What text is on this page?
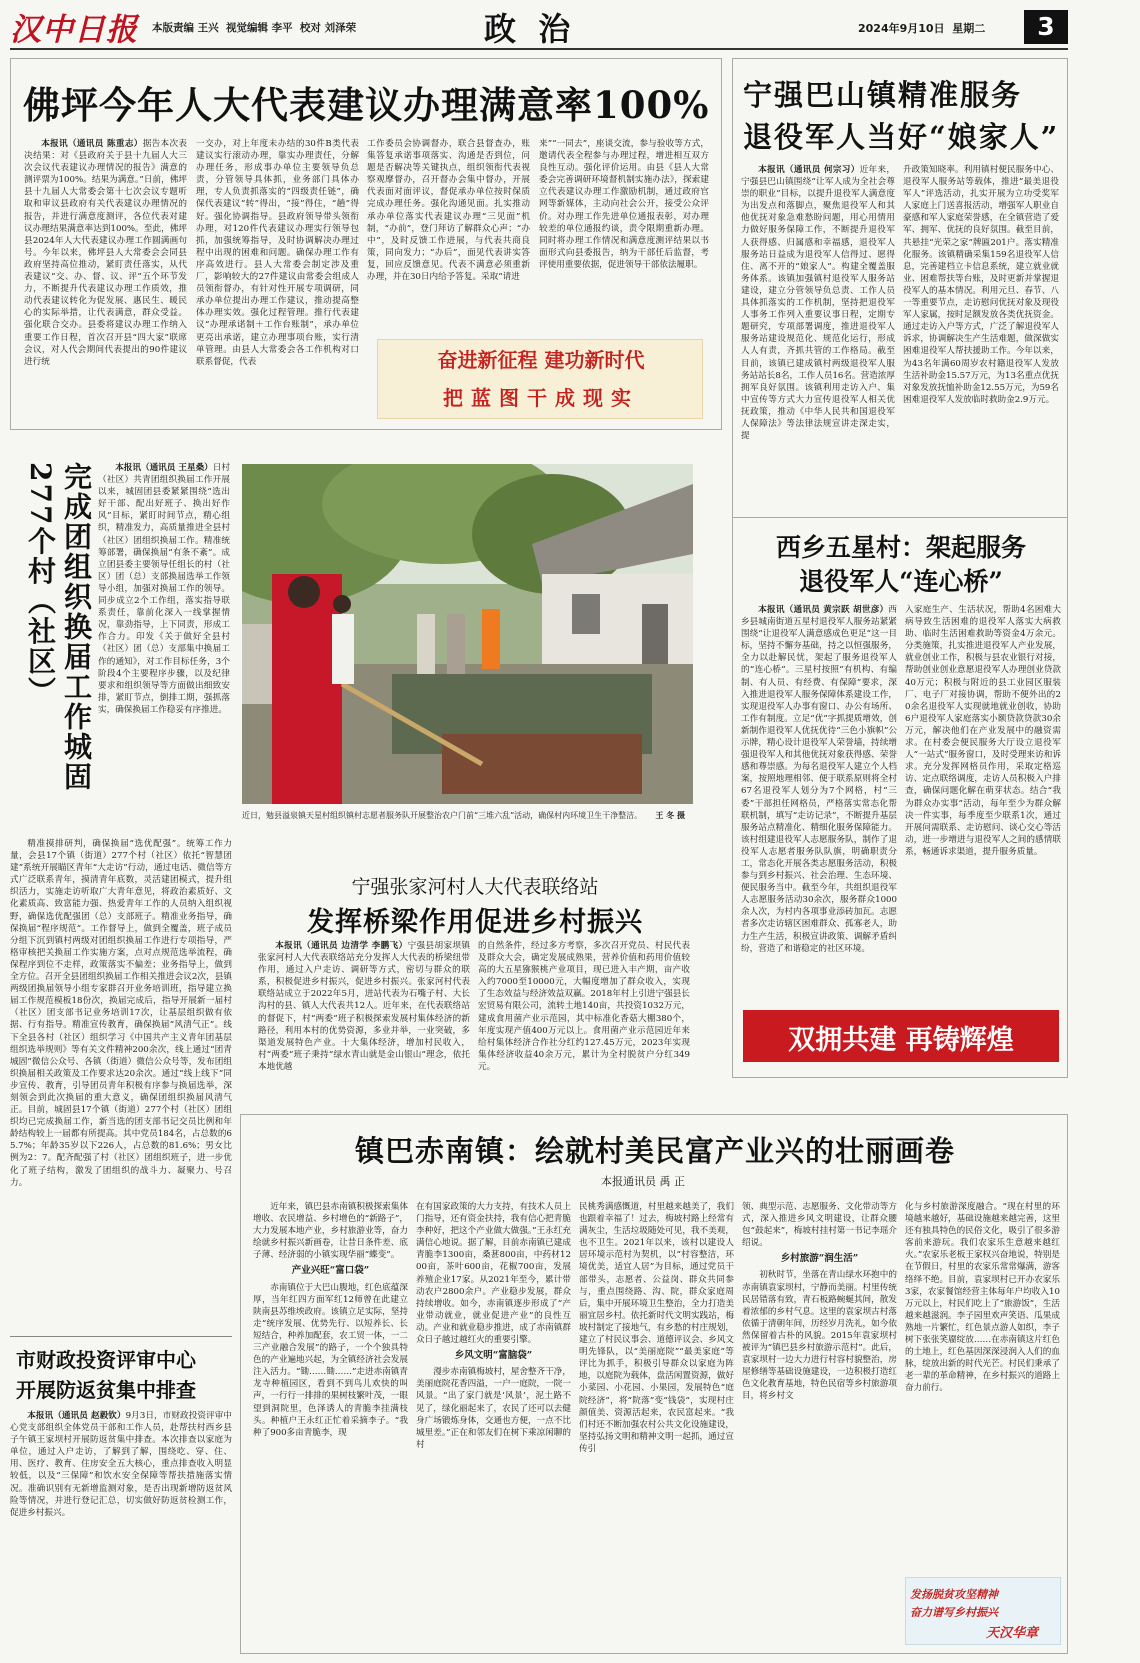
汉中日报 本版责编 王兴  视觉编辑 李平  校对 刘泽荣	政  治	2024年9月10日  星期二	3
佛坪今年人大代表建议办理满意率100%

本报讯（通讯员 陈重志）据告本次表决结果：对《县政府关于县十九届人大三次会议代表建议办理情况的报告》满意的测评票为100%。结果为满意。”日前，佛坪县十九届人大常委会第十七次会议专题听取和审议县政府有关代表建议办理情况的报告，并进行满意度测评，各位代表对建议办理结果满意率达到100%。至此，佛坪县2024年人大代表建议办理工作圆满画句号。今年以来，佛坪县人大常委会会同县政府坚持高位推动，紧盯责任落实，从代表建议“交、办、督、议、评”五个环节发力，不断提升代表建议办理工作质效，推动代表建议转化为促发展、惠民生、暖民心的实际举措，让代表满意，群众受益。强化联合交办。县委将建议办理工作纳入重要工作日程，首次召开县“四大家”联席会议，对人代会期间代表提出的90件建议进行统

一交办，对上年度未办结的30件B类代表建议实行滚动办理，靠实办理责任，分解办理任务，形成事办单位主要领导负总责，分管领导具体抓，业务部门具体办理，专人负责抓落实的“四级责任链”，确保代表建议“转”得出，“接”得住，“趟”得好。强化协调指导。县政府领导带头领衔办理，对120件代表建议办理实行领导包抓，加强统筹指导，及时协调解决办理过程中出现的困难和问题。确保办理工作有序高效进行。县人大常委会制定涉及重厂，影响较大的27件建议由常委会组成人员领衔督办，有针对性开展专项调研，同承办单位提出办理工作建议，推动提高整体办理实效。强化过程管理。推行代表建议“办理承诺制＋工作台账制”，承办单位更亮出承诺，建立办理事项台账，实行清单管理。由县人大常委会各工作机构对口联系督促，代表

工作委员会协调督办，联合县督查办，账集答复承诺事项落实、沟通是否到位，问题是否解决等关键执点，组织领衔代表视察观摩督办，召开督办会集中督办，开展代表面对面评议，督促承办单位按时保质完成办理任务。强化沟通见面。扎实推动承办单位落实代表建议办理“三见面”机制，“办前”，登门拜访了解群众心声；“办中”，及时反馈工作进展，与代表共商良策，同向发力；“办后”，面见代表讲实答复，回应反馈意见。代表不满意必须重新办理，并在30日内给予答复。采取“请进

来”“一同去”，座谈交流，参与验收等方式，邀请代表全程参与办理过程，增进相互双方良性互动。强化评价运用。由县《县人大常委会完善调研环境督机制实施办法》，探索建立代表建议办理工作激励机制，通过政府官网等新媒体，主动向社会公开，接受公众评价。对办理工作先进单位通报表彰，对办理较差的单位通报约谈，责令限期重新办理。同时将办理工作情况和满意度测评结果以书面形式向县委报告，纳为干部任后监督，考评使用重要依据，促进领导干部依法履职。

奋进新征程 建功新时代
把蓝图干成现实
宁强巴山镇精准服务
退役军人当好“娘家人”

本报讯（通讯员 何宗习）近年来，宁强县巴山镇围绕“让军人成为全社会尊崇的职业”目标，以提升退役军人满意度为出发点和落脚点，聚焦退役军人和其他优抚对象急难愁盼问题，用心用情用力做好服务保障工作，不断提升退役军人获得感、归属感和幸福感，退役军人服务站日益成为退役军人信得过、愿得住、离不开的“娘家人”。构建全覆盖服务体系。该镇加强镇村退役军人服务站建设，建立分管领导负总责、工作人员具体抓落实的工作机制，坚持把退役军人事务工作列入重要议事日程，定期专题研究，专项部署调度，推进退役军人服务站建设规范化、规范化运行，形成人人有责，齐抓共管的工作格局。截至目前，该镇已建成镇村两级退役军人服务站站长8名，工作人员16名。营造浓厚拥军良好氛围。该镇利用走访入户、集中宣传等方式大力宣传退役军人相关优抚政策，推动《中华人民共和国退役军人保障法》等法律法规宣讲走深走实，提

升政策知晓率。利用镇村便民服务中心、退役军人服务站等载体，推进“最美退役军人”评选活动，扎实开展为立功受奖军人家庭上门送喜报活动，增强军人职业自豪感和军人家庭荣誉感，在全镇营造了爱军、拥军、优抚的良好氛围。截至目前，共悬挂“光荣之家”牌匾201户。落实精准化服务。该镇精确采集159名退役军人信息，完善建档立卡信息系统，建立就业就业、困难帮扶等台账，及时更新并掌握退役军人的基本情况。利用元旦、春节、八一等重要节点，走访慰问优抚对象及现役军人家属，按时足额发放各类优抚资金。通过走访入户等方式，广泛了解退役军人诉求，协调解决生产生活难题，做深做实困难退役军人帮扶援助工作。今年以来，为43名年满60周岁农村籍退役军人发放生活补助金15.57万元，为13名重点优抚对象发放抚恤补助金12.55万元，为59名困难退役军人发放临时救助金2.9万元。

完成团组织换届工作城固277个村（社区）	本报讯（通讯员 王星桑）日村（社区）共青团组织换届工作开展以来，城固团县委紧紧围绕“选出好干部、配出好班子、换出好作风”目标，紧盯时间节点，精心组织，精准发力，高质量推进全县村（社区）团组织换届工作。精准统筹部署，确保换届“有条不紊”。成立团县委主要领导任组长的村（社区）团（总）支部换届选举工作领导小组，加强对换届工作的领导。同步成立2个工作组，落实指导联系责任，靠前化深入一线掌握情况，靠劲指导，上下同责，形成工作合力。印发《关于做好全县村（社区）团（总）支部集中换届工作的通知》，对工作目标任务，3个阶段4个主要程序步骤，以及纪律要求和组织领导等方面做出细致安排，紧盯节点，倒排工期，强抓落实，确保换届工作稳妥有序推进。

精准摸排研判，确保换届“选优配强”。统筹工作力量，会县17个镇（街道）277个村（社区）依托“智慧团建”系统开展瞄区青年“大走访”行动，通过电话、微信等方式广泛联系青年，摸清青年底数，灵活建团模式，提升组织活力，实施走访听取广大青年意见，将政治素质好、文化素质高、致富能力强、热爱青年工作的人员纳入组织视野，确保选优配强团（总）支部班子。精准业务指导，确保换届“程序规范”。工作督导上，做到全覆盖，班子成员分组下沉到镇村两级对团组织换届工作进行专项指导，严格审核把关换届工作实施方案，点对点规范选举流程，确保程序到位不走样，政策落实不偏差；业务指导上，做到全方位。召开全县团组织换届工作相关推进会议2次，县镇两级团换届领导小组专家群召开业务培训班，指导建立换届工作规范模板18份次，换届完成后，指导开展新一届村（社区）团支部书记业务培训17次，让基层组织做有依据、行有指导。精准宣传教育，确保换届“风清气正”。线下全县各村（社区）组织学习《中国共产主义青年团基层组织选举规则》等有关文件精神200余次，线上通过“团青城固”微信公众号、各镇（街道）微信公众号等，发布团组织换届相关政策及工作要求达20余次。通过“线上线下”同步宣传、教育，引导团员青年积极有序参与换届选举，深刻领会到此次换届的重大意义，确保团组织换届风清气正。目前，城固县17个镇（街道）277个村（社区）团组织均已完成换届工作，新当选的团支部书记交员比例和年龄结构较上一届都有所提高。其中党员184名，占总数的65.7%；年龄35岁以下226人，占总数的81.6%；男女比例为2：7。配齐配强了村（社区）团组织班子，进一步优化了班子结构，激发了团组织的战斗力、凝聚力、号召力。

近日，勉县溢泉镇天星村组织镇村志愿者服务队开展整治农户门前“三堆六乱”活动，确保村内环境卫生干净整洁。 王 冬 摄
宁强张家河村人大代表联络站
发挥桥梁作用促进乡村振兴

本报讯（通讯员 边清学 李鹏飞）宁强县胡家坝镇张家河村人大代表联络站充分发挥人大代表的桥梁纽带作用，通过入户走访、调研等方式，密切与群众的联系，积极促进乡村振兴，促进乡村振兴。张家河村代表联络站成立于2022年5月，进站代表为石嘴子村、大长沟村的县、镇人大代表共12人。近年来，在代表联络站的督促下，村“两委”班子积极探索发展村集体经济的新路径，利用本村的优势资源，多业并举，一业突破，多渠道发展特色产业。十大集体经济，增加村民收入，村“两委”班子秉持“绿水青山就是金山银山”理念，依托本地优越

的自然条件，经过多方考察，多次召开党员、村民代表及群众大会，确定发展成熟果，营养价值和药用价值较高的大五星猕猴桃产业项目，现已进入丰产期，亩产收入约7000至10000元，大幅度增加了群众收入，实现了生态效益与经济效益双赢。2018年村上引进宁强县长宏贸易有限公司，流转土地140亩，共投资1032万元，建成食用菌产业示范园，其中标准化香菇大棚380个，年度实现产值400万元以上。食用菌产业示范园近年来给村集体经济合作社分红约127.45万元，2023年实现集体经济收益40余万元，累计为全村脱贫户分红349元。

西乡五星村：架起服务
退役军人“连心桥”

本报讯（通讯员 黄宗跃 胡世彦）西乡县城南街道五星村退役军人服务站紧紧围绕“让退役军人满意感成色更足”这一目标，坚持不懈夯基础，持之以恒强服务，全力以赴解民忧，架起了服务退役军人的“连心桥”。三星村按照“有机构、有编制、有人员、有经费、有保障”要求，深入推进退役军人服务保障体系建设工作，实现退役军人办事有窗口、办公有场所、工作有制度。立足“优”字抓提质增效，创新制作退役军人优抚优待“三色小旗帜”公示牌，精心设计退役军人荣誉墙，持续增强退役军人和其他优抚对象获得感、荣誉感和尊崇感。为每名退役军人建立个人档案，按照地理相邻、便于联系原则将全村67名退役军人划分为7个网格，村“三委”干部担任网格员，严格落实常态化帮联机制，填写“走访记录”，不断提升基层服务站点精准化、精细化服务保障能力。该村组建退役军人志愿服务队，制作了退役军人志愿者服务队队旗，明确职责分工，常态化开展各类志愿服务活动，积极参与到乡村振兴、社会治理、生态环境、便民服务当中。截至今年，共组织退役军人志愿服务活动30余次，服务群众1000余人次，为村内各项事业添砖加瓦。志愿者多次走访辖区困难群众、孤寡老人，助力生产生活，积极宣讲政策、调解矛盾纠纷，营造了和谐稳定的社区环境。

入家庭生产、生活状况，帮助4名困难大病导致生活困难的退役军人落实大病救助、临时生活困难救助等资金4万余元。分类施策，扎实推进退役军人产业发展，就业创业工作，积极与县农业银行对接，帮助创业创业意愿退役军人办理创业贷款40万元；积极与附近的县工业园区服装厂、电子厂对接协调，帮助不便外出的20余名退役军人实现就地就业创收，协助6户退役军人家庭落实小额贷款贷款30余万元，解决他们在产业发展中的融资需求。在村委会便民服务大厅设立退役军人“一站式”服务窗口，及时受理来访和诉求。充分发挥网格员作用，采取定格巡访、定点联络调度，走访人员积极入户排查，确保问题化解在萌芽状态。结合“我为群众办实事”活动，每年至少为群众解决一件实事，每季度至少联系1次，通过开展问需联系、走访慰问、谈心交心等活动，进一步增进与退役军人之间的感情联系，畅通诉求渠道，提升服务质量。

双拥共建 再铸辉煌
镇巴赤南镇：绘就村美民富产业兴的壮丽画卷
本报通讯员 禹 正

近年来，镇巴县赤南镇积极探索集体增收、农民增益、乡村增色的“新路子”，大力发展本地产业，乡村旅游业等，奋力绘就乡村振兴新画卷，让昔日条件差、底子薄、经济弱的小镇实现华丽“蝶变”。

产业兴旺“富口袋”

赤南镇位于大巴山腹地，红色底蕴深厚，当年红四方面军红12师曾在此建立陕南县苏维埃政府。该镇立足实际，坚持走“统序发展、优势先行、以短养长、长短结合，种养加配套，农工贸一体，一二三产业融合发展”的路子，一个个独具特色的产业遍地兴起，为全镇经济社会发展注入活力。“锄……锄……”走进赤南镇青龙寺种植园区，看到不到鸟儿欢快的叫声，一行行一排排的果树枝繁叶茂，一眼望到洞院里，色泽诱人的青脆李挂满枝头。种植户王永红正忙着采摘李子。“我种了900多亩青脆李，现

在有国家政策的大力支持，有技术人员上门指导，还有资金扶持，我有信心把青脆李种好，把这个产业做大做强。”王永红充满信心地说。据了解，目前赤南镇已建成青脆李1300亩，桑葚800亩，中药材1200亩，茶叶600亩，花椒700亩，发展养殖企业17家。从2021年至今，累计带动农户2800余户。产业稳步发展，群众持续增收。如今，赤南镇逐步形成了“产业带动就业，就业促进产业”的良性互动。产业和就业稳步推进，成了赤南镇群众日子越过越红火的重要引擎。

乡风文明“富脑袋”

漫步赤南镇梅坡村，屋舍整齐干净，美丽庭院花香四溢，一户一庭院，一院一风景。“出了家门就是‘风景’，泥土路不见了，绿化丽起来了，农民了还可以去健身广场锻炼身体，交通也方便，一点不比城里差。”正在和邻友们在树下乘凉闲聊的村

民桃秀满感慨道，村里越来越美了，我们也跟着幸福了！过去，梅坡村路上经常有满灰尘，生活垃圾随处可见，我不美观，也不卫生。2021年以来，该村以建设人居环境示范村为契机，以“村容整洁，环境优美，适宜人居”为目标，通过党员干部带头，志愿者、公益岗、群众共同参与，重点围绕路、沟、院，群众家庭周后，集中开展环境卫生整治，全力打造美丽宜居乡村。依托新时代文明实践站，梅坡村制定了接地气，有乡愁的村庄规划，建立了村民议事会、道德评议会、乡风文明先锋队，以“美丽庭院”“最美家庭”等评比为抓手，积极引导群众以家庭为阵地，以庭院为载体，盘活闲置资源，做好小菜园、小花园、小果园，发展特色“庭院经济”，将“院落”变“钱袋”，实现村庄颜值美、资源活起来，农民富起来。“我们村还不断加强农村公共文化设施建设，坚持弘扬文明和精神文明一起抓，通过宣传引

领、典型示范、志愿服务、文化带动等方式，深入推进乡风文明建设，让群众腰包“鼓起来”，梅坡村挂村第一书记李瑶介绍说。

乡村旅游“润生活”

初秋时节，坐落在青山绿水环抱中的赤南镇袁家坝村，宁静而美丽。村里传统民居错落有致，青石板路蜿蜒其间，散发着浓郁的乡村气息。这里的袁家坝古村落依循于清朝年间，历经岁月洗礼，如今依然保留着古朴的风貌。2015年袁家坝村被评为“镇巴县乡村旅游示范村”。此后，袁家坝村一边大力进行村容村貌整治，房屋修缮等基础设施建设，一边积极打造红色文化教育基地，特色民宿等乡村旅游项目，将乡村文

化与乡村旅游深度融合。“现在村里的环境越来越好，基础设施越来越完善，这里还有独具特色的民俗文化，吸引了很多游客前来游玩。我们农家乐生意越来越红火。”农家乐老板王家权兴奋地说，特别是在节假日，村里的农家乐常常爆满，游客络绎不绝。目前，袁家坝村已开办农家乐3家，农家餐馆经营主体每年户均收入10万元以上，村民们吃上了“旅游饭”，生活越来越滋润。李子园里欢声笑语、瓜果成熟地一片繁忙，红色景点游人如织，李子树下张张笑靥绽放……在赤南镇这片红色的土地上，红色基因深深浸润入人们的血脉，绽放出新的时代光芒。村民们秉承了老一辈的革命精神，在乡村振兴的道路上奋力前行。

发扬脱贫攻坚精神
奋力谱写乡村振兴
天汉华章
市财政投资评审中心
开展防返贫集中排查

本报讯（通讯员 赵毅钦）9月3日，市财政投资评审中心党支部组织全体党员干部和工作人员，赴帮扶村西乡县子午镇王家坝村开展防返贫集中排查。本次排查以家庭为单位，通过入户走访，了解到了解，围绕吃、穿、住、用、医疗、教育、住房安全五大核心，重点排查收入明显较低，以及“三保障”和饮水安全保障等帮扶措施落实情况。准确识别有无新增监测对象，是否出现新增防返贫风险等情况，并进行登记汇总，切实做好防返贫检测工作，促进乡村振兴。
